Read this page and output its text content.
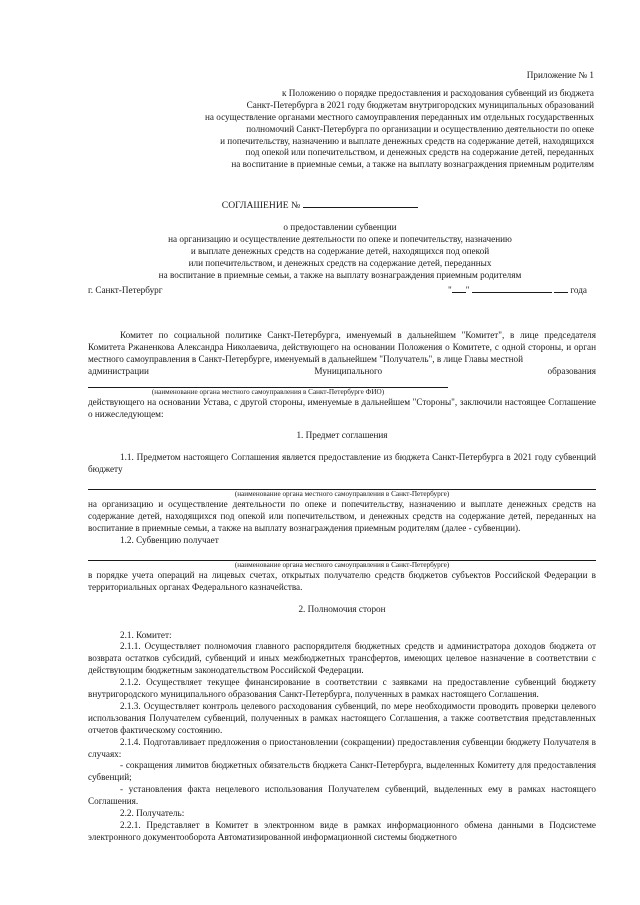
Приложение № 1
к Положению о порядке предоставления и расходования субвенций из бюджета
Санкт-Петербурга в 2021 году бюджетам внутригородских муниципальных образований
на осуществление органами местного самоуправления переданных им отдельных государственных
полномочий Санкт-Петербурга по организации и осуществлению деятельности по опеке
и попечительству, назначению и выплате денежных средств на содержание детей, находящихся
под опекой или попечительством, и денежных средств на содержание детей, переданных
на воспитание в приемные семьи, а также на выплату вознаграждения приемным родителям
СОГЛАШЕНИЕ №
о предоставлении субвенции
на организацию и осуществление деятельности по опеке и попечительству, назначению
и выплате денежных средств на содержание детей, находящихся под опекой
или попечительством, и денежных средств на содержание детей, переданных
на воспитание в приемные семьи, а также на выплату вознаграждения приемным родителям
г. Санкт-Петербург	" "	года

Комитет по социальной политике Санкт-Петербурга, именуемый в дальнейшем "Комитет", в лице председателя Комитета Ржаненкова Александра Николаевича, действующего на основании Положения о Комитете, с одной стороны, и орган местного самоуправления в Санкт-Петербурге, именуемый в дальнейшем "Получатель", в лице Главы местной

администрации	Муниципального	образования
(наименование органа местного самоуправления в Санкт-Петербурге ФИО)

действующего на основании Устава, с другой стороны, именуемые в дальнейшем "Стороны", заключили настоящее Соглашение о нижеследующем:

1. Предмет соглашения

1.1. Предметом настоящего Соглашения является предоставление из бюджета Санкт-Петербурга в 2021 году субвенций бюджету

(наименование органа местного самоуправления в Санкт-Петербурге)

на организацию и осуществление деятельности по опеке и попечительству, назначению и выплате денежных средств на содержание детей, находящихся под опекой или попечительством, и денежных средств на содержание детей, переданных на воспитание в приемные семьи, а также на выплату вознаграждения приемным родителям (далее - субвенции).

1.2. Субвенцию получает

(наименование органа местного самоуправления в Санкт-Петербурге)

в порядке учета операций на лицевых счетах, открытых получателю средств бюджетов субъектов Российской Федерации в территориальных органах Федерального казначейства.

2. Полномочия сторон

2.1. Комитет:

2.1.1. Осуществляет полномочия главного распорядителя бюджетных средств и администратора доходов бюджета от возврата остатков субсидий, субвенций и иных межбюджетных трансфертов, имеющих целевое назначение в соответствии с действующим бюджетным законодательством Российской Федерации.

2.1.2. Осуществляет текущее финансирование в соответствии с заявками на предоставление субвенций бюджету внутригородского муниципального образования Санкт-Петербурга, полученных в рамках настоящего Соглашения.

2.1.3. Осуществляет контроль целевого расходования субвенций, по мере необходимости проводить проверки целевого использования Получателем субвенций, полученных в рамках настоящего Соглашения, а также соответствия представленных отчетов фактическому состоянию.

2.1.4. Подготавливает предложения о приостановлении (сокращении) предоставления субвенции бюджету Получателя в случаях:

- сокращения лимитов бюджетных обязательств бюджета Санкт-Петербурга, выделенных Комитету для предоставления субвенций;

- установления факта нецелевого использования Получателем субвенций, выделенных ему в рамках настоящего Соглашения.

2.2. Получатель:

2.2.1. Представляет в Комитет в электронном виде в рамках информационного обмена данными в Подсистеме электронного документооборота Автоматизированной информационной системы бюджетного
